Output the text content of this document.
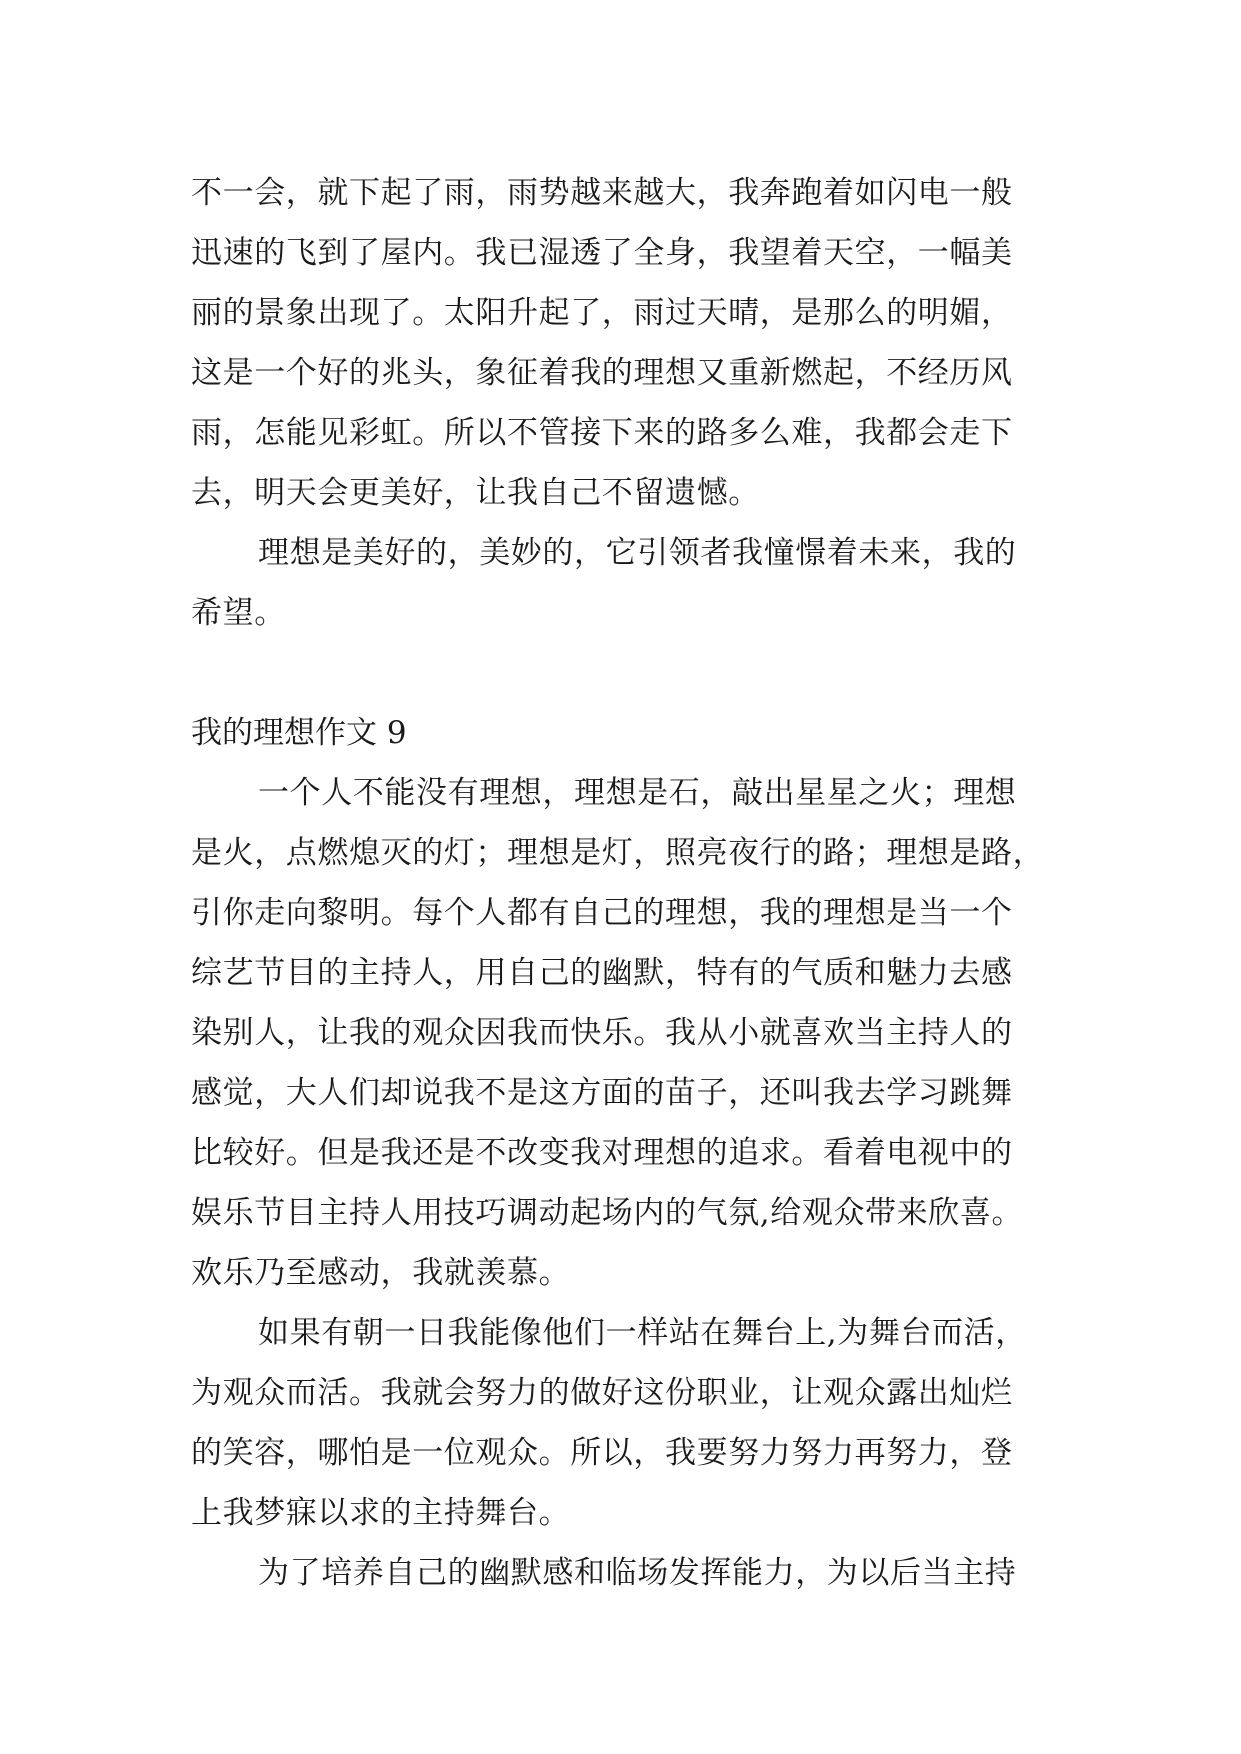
不一会，就下起了雨，雨势越来越大，我奔跑着如闪电一般
迅速的飞到了屋内。我已湿透了全身，我望着天空，一幅美
丽的景象出现了。太阳升起了，雨过天晴，是那么的明媚，
这是一个好的兆头，象征着我的理想又重新燃起，不经历风
雨，怎能见彩虹。所以不管接下来的路多么难，我都会走下
去，明天会更美好，让我自己不留遗憾。
理想是美好的，美妙的，它引领者我憧憬着未来，我的
希望。
我的理想作文 9
一个人不能没有理想，理想是石，敲出星星之火；理想
是火，点燃熄灭的灯；理想是灯，照亮夜行的路；理想是路，
引你走向黎明。每个人都有自己的理想，我的理想是当一个
综艺节目的主持人，用自己的幽默，特有的气质和魅力去感
染别人，让我的观众因我而快乐。我从小就喜欢当主持人的
感觉，大人们却说我不是这方面的苗子，还叫我去学习跳舞
比较好。但是我还是不改变我对理想的追求。看着电视中的
娱乐节目主持人用技巧调动起场内的气氛,给观众带来欣喜。
欢乐乃至感动，我就羡慕。
如果有朝一日我能像他们一样站在舞台上,为舞台而活，
为观众而活。我就会努力的做好这份职业，让观众露出灿烂
的笑容，哪怕是一位观众。所以，我要努力努力再努力，登
上我梦寐以求的主持舞台。
为了培养自己的幽默感和临场发挥能力，为以后当主持
